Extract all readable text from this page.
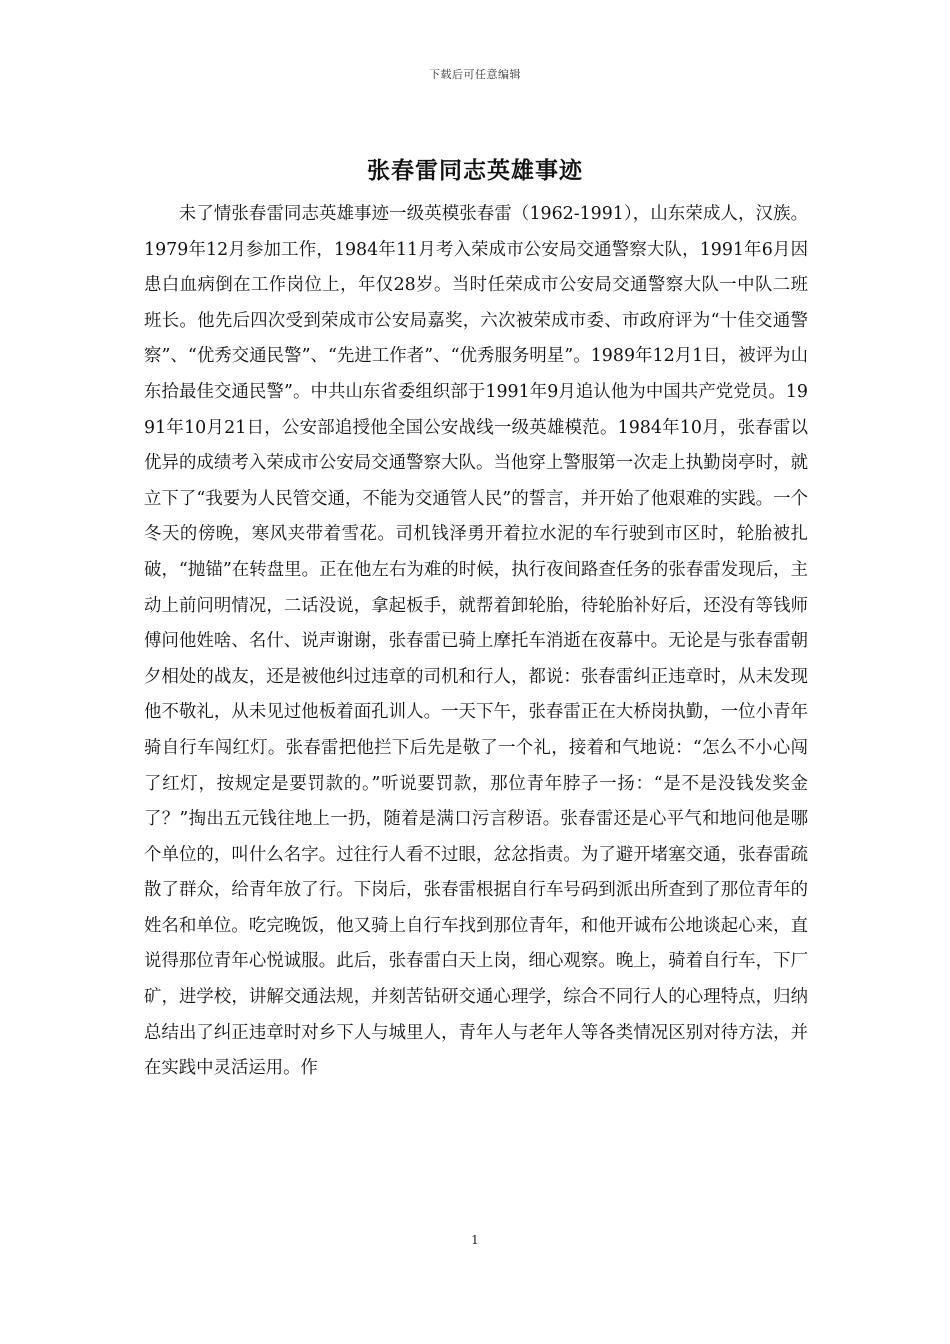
下载后可任意编辑
张春雷同志英雄事迹

未了情张春雷同志英雄事迹一级英模张春雷（1962-1991），山东荣成人，汉族。1979年12月参加工作，1984年11月考入荣成市公安局交通警察大队，1991年6月因患白血病倒在工作岗位上，年仅28岁。当时任荣成市公安局交通警察大队一中队二班班长。他先后四次受到荣成市公安局嘉奖，六次被荣成市委、市政府评为“十佳交通警察”、“优秀交通民警”、“先进工作者”、“优秀服务明星”。1989年12月1日，被评为山东拾最佳交通民警”。中共山东省委组织部于1991年9月追认他为中国共产党党员。1991年10月21日，公安部追授他全国公安战线一级英雄模范。1984年10月，张春雷以优异的成绩考入荣成市公安局交通警察大队。当他穿上警服第一次走上执勤岗亭时，就立下了“我要为人民管交通，不能为交通管人民”的誓言，并开始了他艰难的实践。一个冬天的傍晚，寒风夹带着雪花。司机钱泽勇开着拉水泥的车行驶到市区时，轮胎被扎破，“抛锚”在转盘里。正在他左右为难的时候，执行夜间路查任务的张春雷发现后，主动上前问明情况，二话没说，拿起板手，就帮着卸轮胎，待轮胎补好后，还没有等钱师傅问他姓啥、名什、说声谢谢，张春雷已骑上摩托车消逝在夜幕中。无论是与张春雷朝夕相处的战友，还是被他纠过违章的司机和行人，都说：张春雷纠正违章时，从未发现他不敬礼，从未见过他板着面孔训人。一天下午，张春雷正在大桥岗执勤，一位小青年骑自行车闯红灯。张春雷把他拦下后先是敬了一个礼，接着和气地说：“怎么不小心闯了红灯，按规定是要罚款的。”听说要罚款，那位青年脖子一扬：“是不是没钱发奖金了？”掏出五元钱往地上一扔，随着是满口污言秽语。张春雷还是心平气和地问他是哪个单位的，叫什么名字。过往行人看不过眼，忿忿指责。为了避开堵塞交通，张春雷疏散了群众，给青年放了行。下岗后，张春雷根据自行车号码到派出所查到了那位青年的姓名和单位。吃完晚饭，他又骑上自行车找到那位青年，和他开诚布公地谈起心来，直说得那位青年心悦诚服。此后，张春雷白天上岗，细心观察。晚上，骑着自行车，下厂矿，进学校，讲解交通法规，并刻苦钻研交通心理学，综合不同行人的心理特点，归纳总结出了纠正违章时对乡下人与城里人，青年人与老年人等各类情况区别对待方法，并在实践中灵活运用。作

1
